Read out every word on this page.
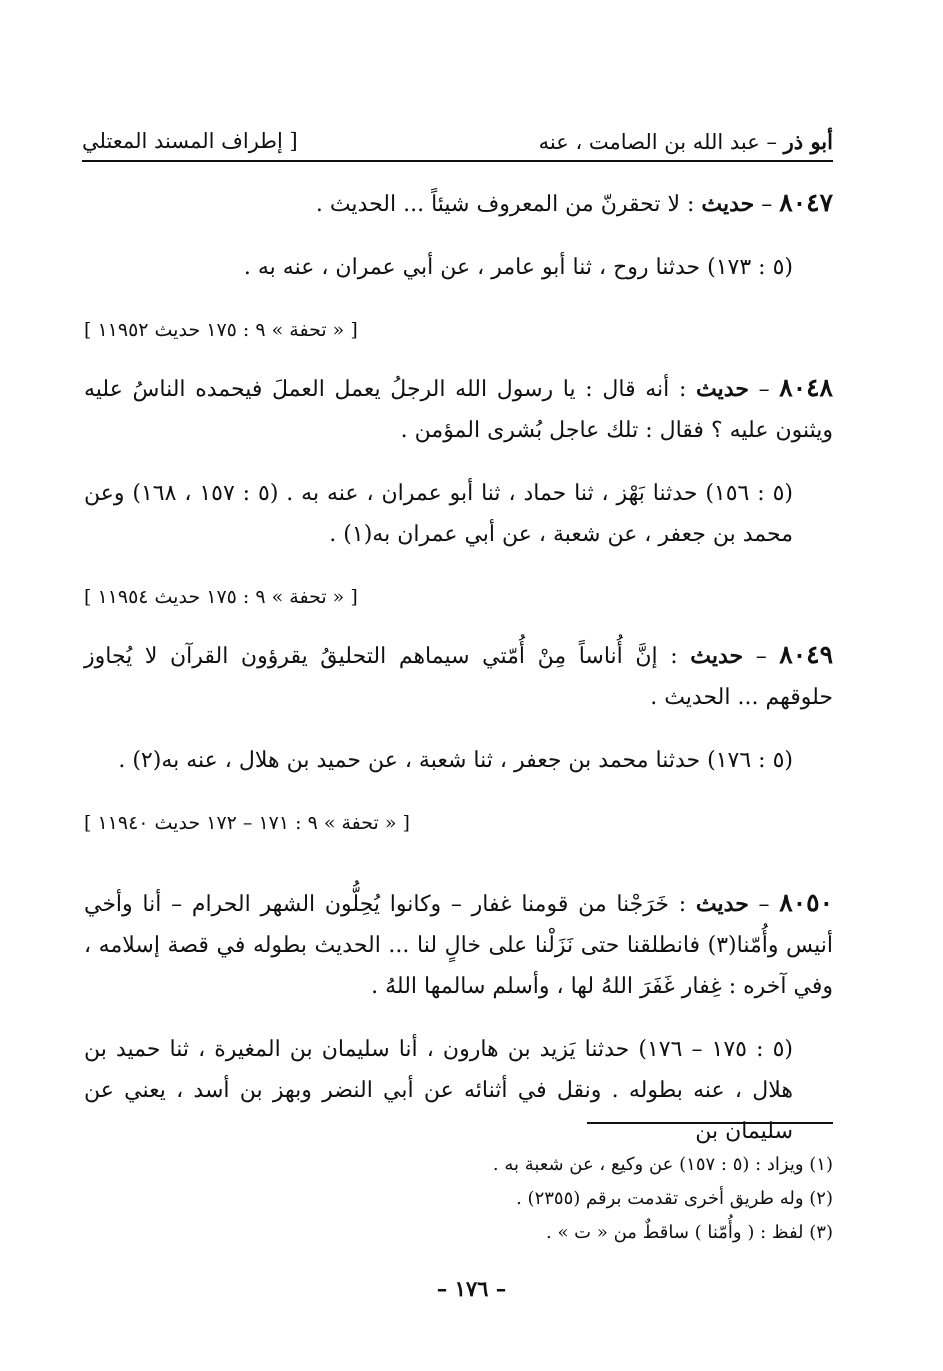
أبو ذر – عبد الله بن الصامت ، عنه
[ إطراف المسند المعتلي
٨٠٤٧ – حديث : لا تحقرنّ من المعروف شيئاً ... الحديث .
(٥ : ١٧٣) حدثنا روح ، ثنا أبو عامر ، عن أبي عمران ، عنه به .
[ « تحفة » ٩ : ١٧٥ حديث ١١٩٥٢ ]
٨٠٤٨ – حديث : أنه قال : يا رسول الله الرجلُ يعمل العملَ فيحمده الناسُ عليه ويثنون عليه ؟ فقال : تلك عاجل بُشرى المؤمن .
(٥ : ١٥٦) حدثنا بَهْز ، ثنا حماد ، ثنا أبو عمران ، عنه به . (٥ : ١٥٧ ، ١٦٨) وعن محمد بن جعفر ، عن شعبة ، عن أبي عمران به(١) .
[ « تحفة » ٩ : ١٧٥ حديث ١١٩٥٤ ]
٨٠٤٩ – حديث : إنَّ أُناساً مِنْ أُمّتي سيماهم التحليقُ يقرؤون القرآن لا يُجاوز حلوقهم ... الحديث .
(٥ : ١٧٦) حدثنا محمد بن جعفر ، ثنا شعبة ، عن حميد بن هلال ، عنه به(٢) .
[ « تحفة » ٩ : ١٧١ – ١٧٢ حديث ١١٩٤٠ ]
٨٠٥٠ – حديث : خَرَجْنا من قومنا غفار – وكانوا يُحِلُّون الشهر الحرام – أنا وأخي أنيس وأُمّنا(٣) فانطلقنا حتى نَزَلْنا على خالٍ لنا ... الحديث بطوله في قصة إسلامه ، وفي آخره : غِفار غَفَرَ اللهُ لها ، وأسلم سالمها اللهُ .
(٥ : ١٧٥ – ١٧٦) حدثنا يَزيد بن هارون ، أنا سليمان بن المغيرة ، ثنا حميد بن هلال ، عنه بطوله . ونقل في أثنائه عن أبي النضر وبهز بن أسد ، يعني عن سليمان بن
(١) ويزاد : (٥ : ١٥٧) عن وكيع ، عن شعبة به .
(٢) وله طريق أخرى تقدمت برقم (٢٣٥٥) .
(٣) لفظ : ( وأُمّنا ) ساقطٌ من « ت » .
– ١٧٦ –
